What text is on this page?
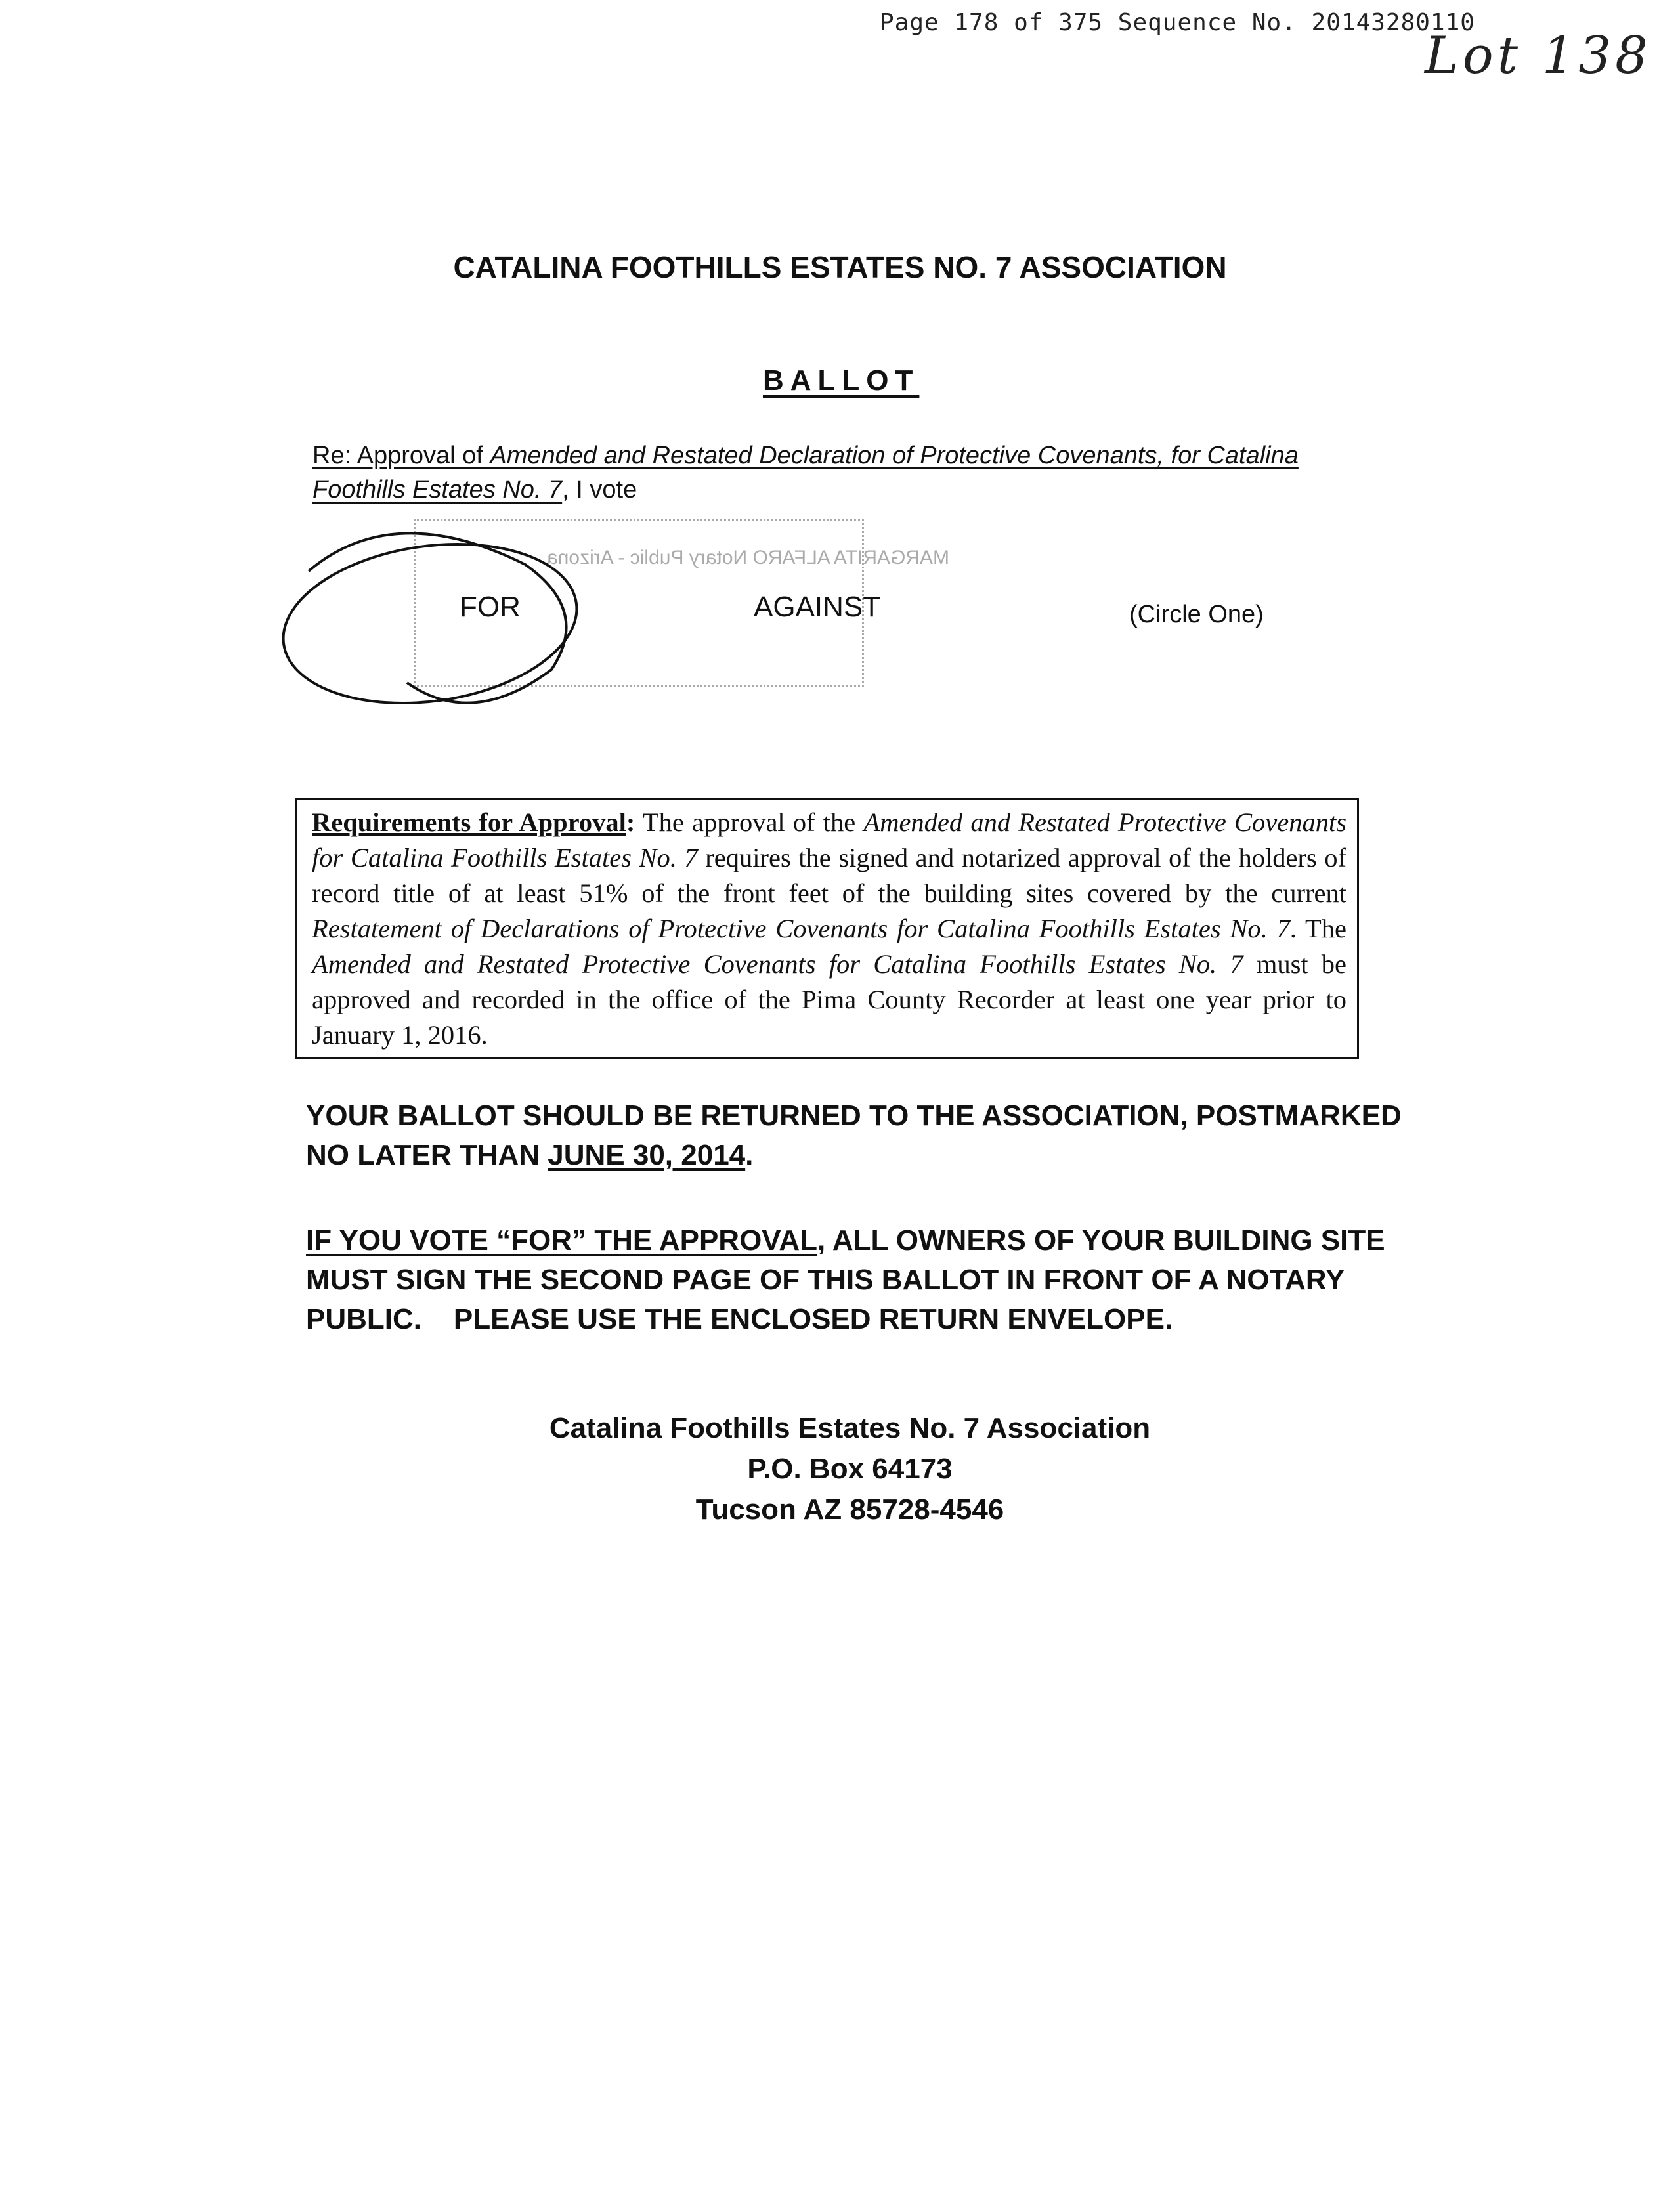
Page 178 of 375 Sequence No. 20143280110
Lot 138
CATALINA FOOTHILLS ESTATES NO. 7 ASSOCIATION
BALLOT
Re: Approval of Amended and Restated Declaration of Protective Covenants, for Catalina Foothills Estates No. 7, I vote
MARGARITA ALFARO Notary Public - Arizona
FOR	AGAINST	(Circle One)
Requirements for Approval: The approval of the Amended and Restated Protective Covenants for Catalina Foothills Estates No. 7 requires the signed and notarized approval of the holders of record title of at least 51% of the front feet of the building sites covered by the current Restatement of Declarations of Protective Covenants for Catalina Foothills Estates No. 7. The Amended and Restated Protective Covenants for Catalina Foothills Estates No. 7 must be approved and recorded in the office of the Pima County Recorder at least one year prior to January 1, 2016.
YOUR BALLOT SHOULD BE RETURNED TO THE ASSOCIATION, POSTMARKED NO LATER THAN JUNE 30, 2014.
IF YOU VOTE “FOR” THE APPROVAL, ALL OWNERS OF YOUR BUILDING SITE MUST SIGN THE SECOND PAGE OF THIS BALLOT IN FRONT OF A NOTARY PUBLIC.    PLEASE USE THE ENCLOSED RETURN ENVELOPE.
Catalina Foothills Estates No. 7 Association
P.O. Box 64173
Tucson AZ 85728-4546
